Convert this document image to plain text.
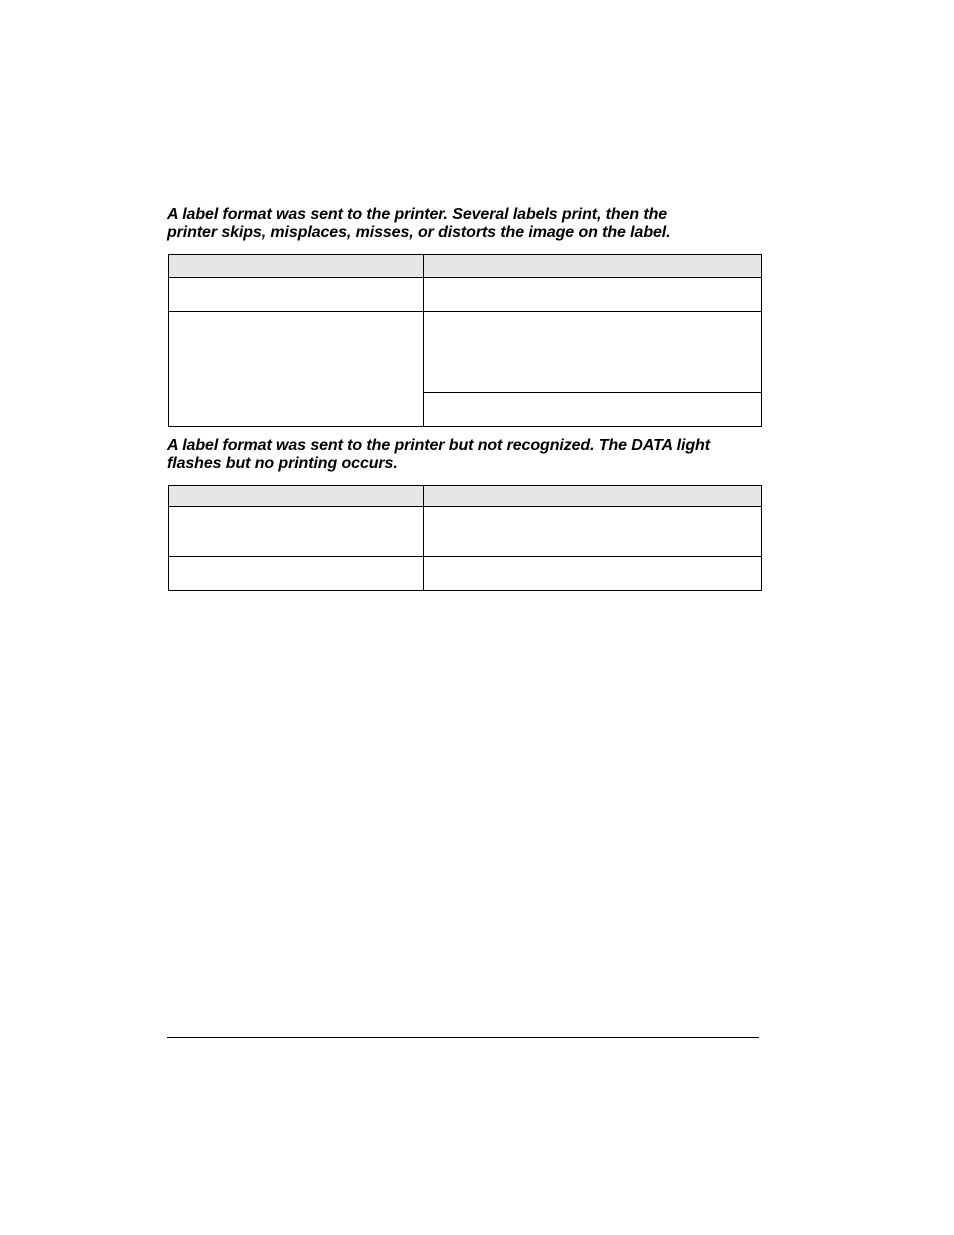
A label format was sent to the printer. Several labels print, then the
printer skips, misplaces, misses, or distorts the image on the label.

A label format was sent to the printer but not recognized. The DATA light
flashes but no printing occurs.
